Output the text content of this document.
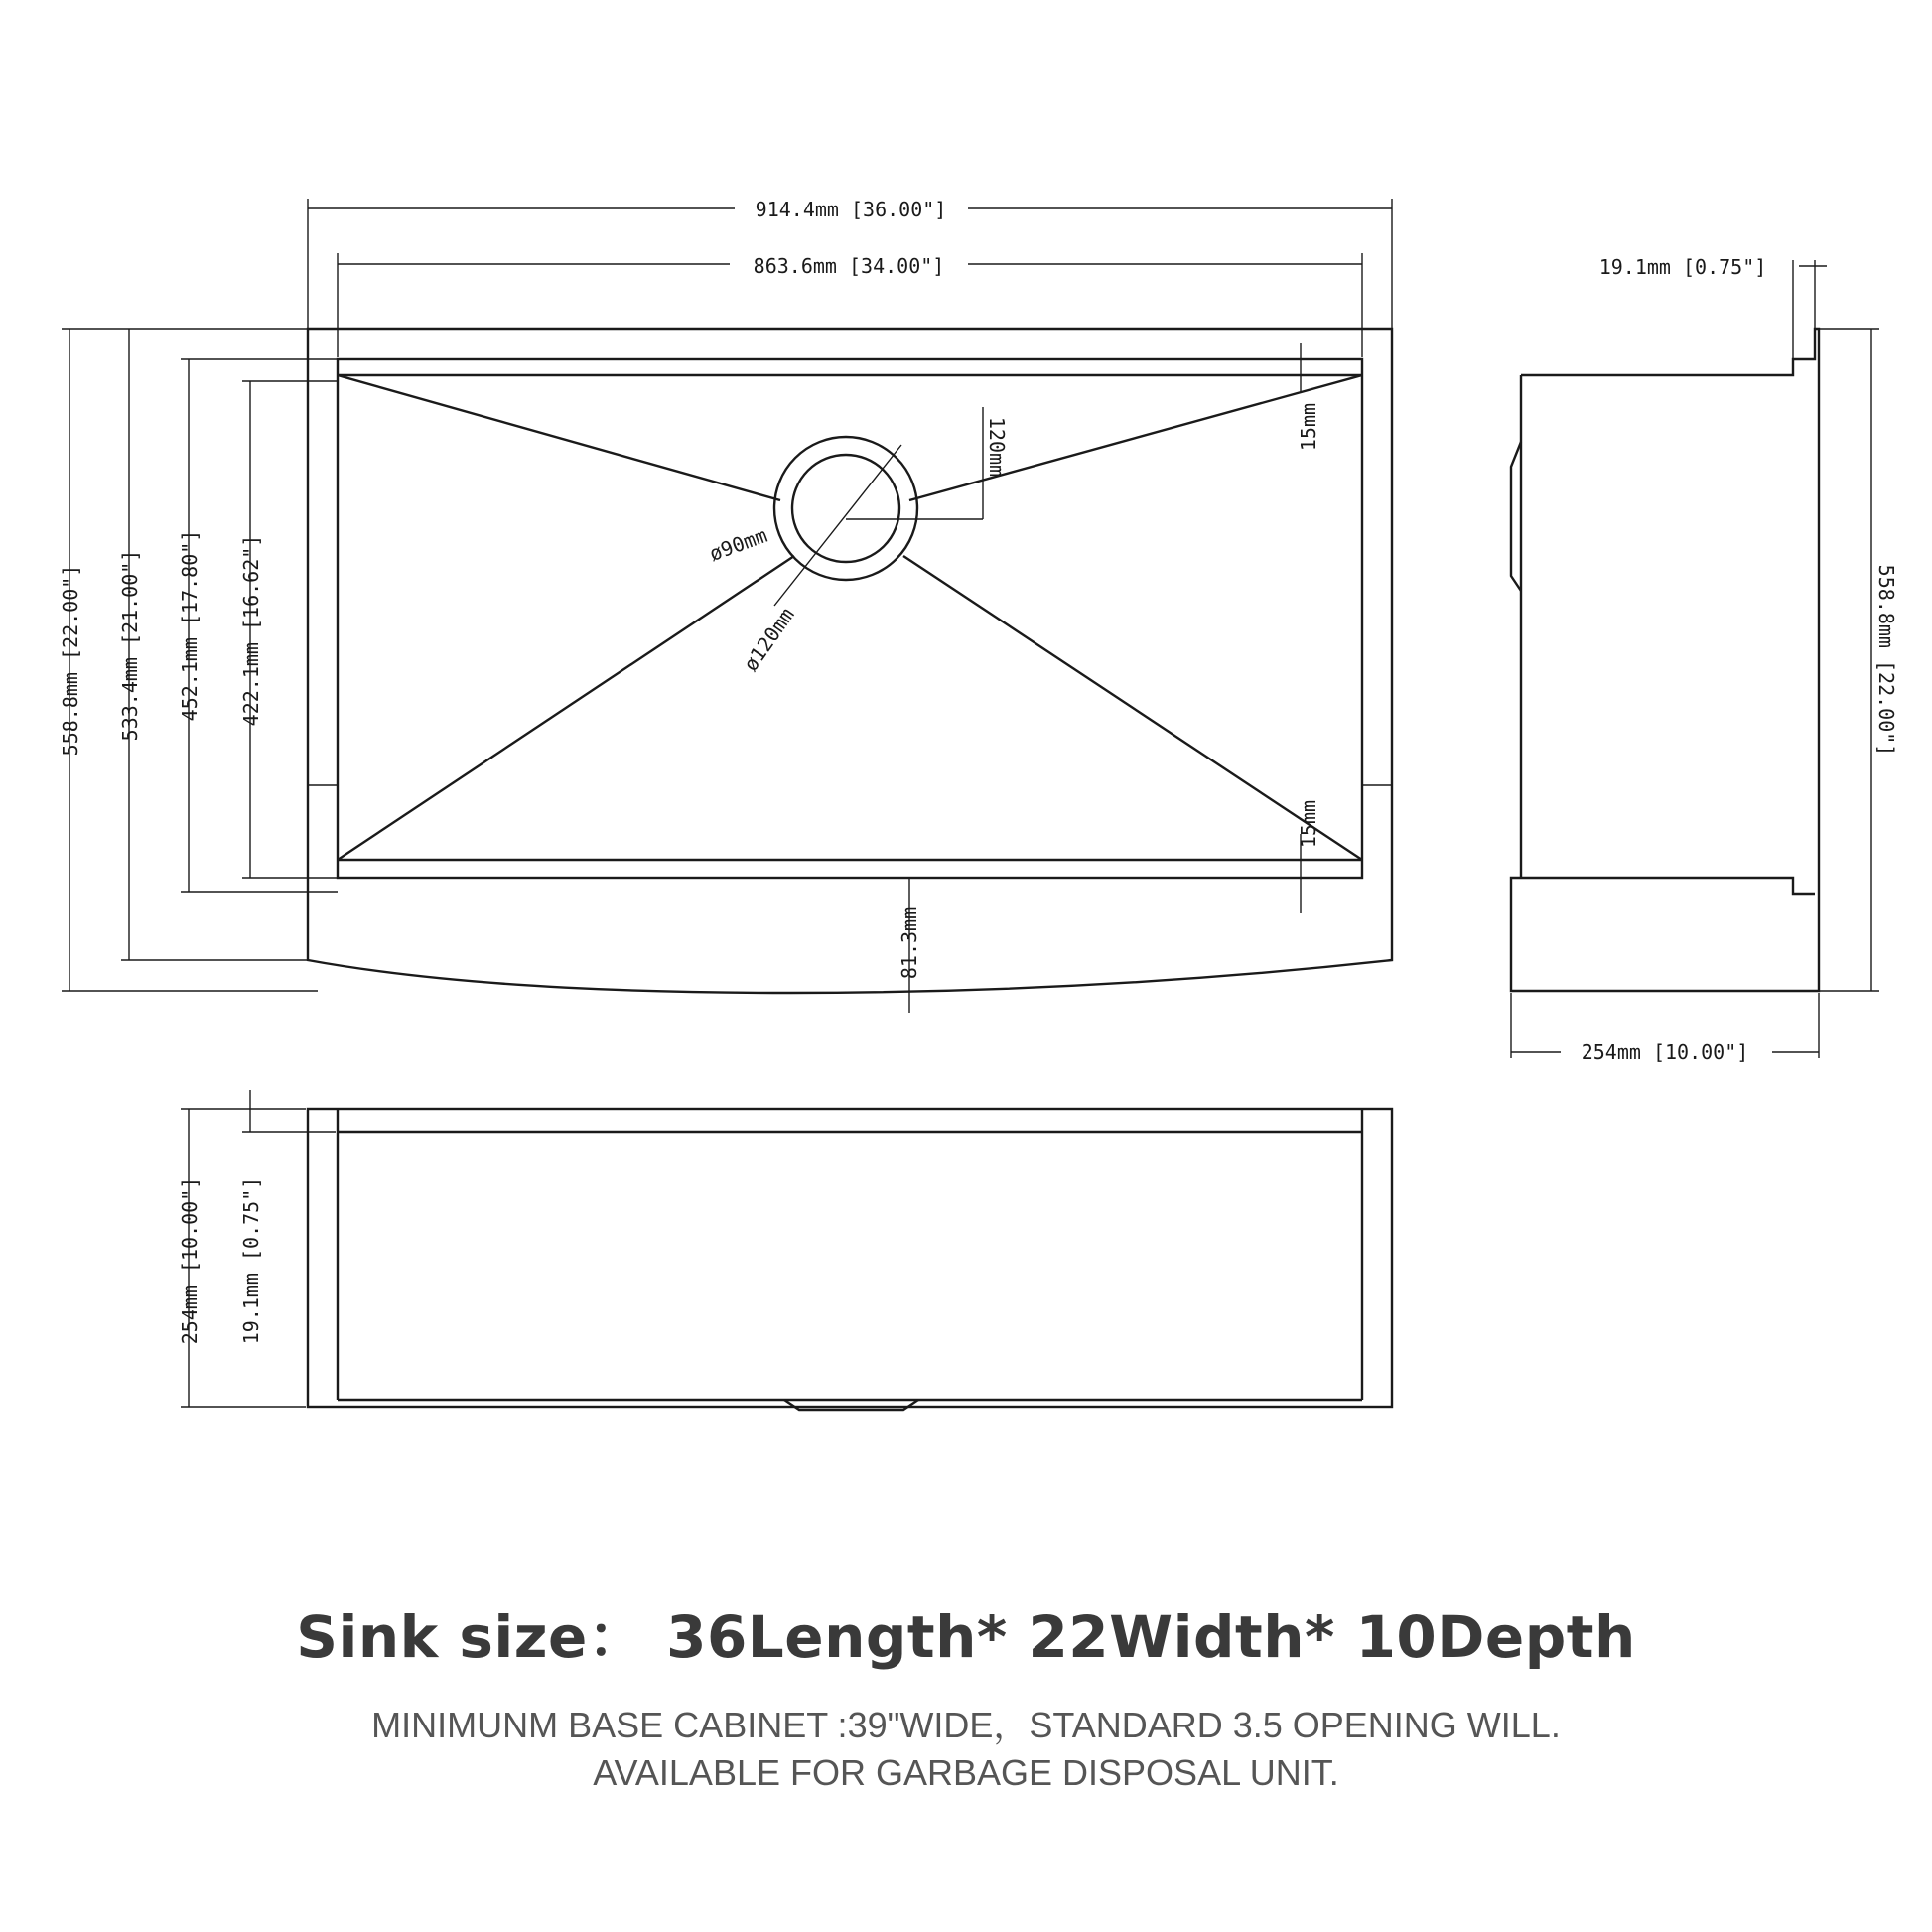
914.4mm [36.00"]
863.6mm [34.00"]
558.8mm [22.00"] 533.4mm [21.00"] 452.1mm [17.80"] 422.1mm [16.62"]
120mm	15mm
15mm
ø90mm
ø120mm
81.3mm
19.1mm [0.75"]
558.8mm [22.00"]
254mm [10.00"]
254mm [10.00"] 19.1mm [0.75"]
Sink size： 36Length* 22Width* 10Depth
MINIMUNM BASE CABINET :39"WIDE，STANDARD 3.5 OPENING WILL.
AVAILABLE FOR GARBAGE DISPOSAL UNIT.
